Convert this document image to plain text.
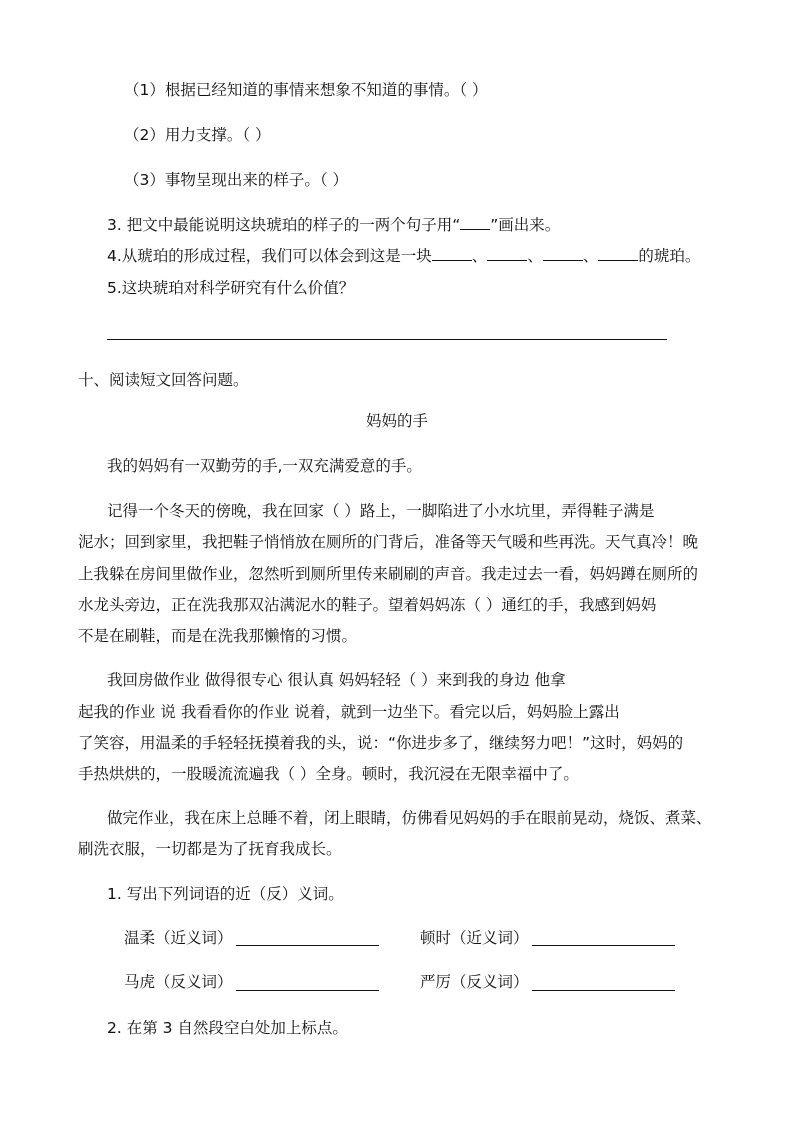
（1）根据已经知道的事情来想象不知道的事情。（ ）
（2）用力支撑。（ ）
（3）事物呈现出来的样子。（ ）
3. 把文中最能说明这块琥珀的样子的一两个句子用“ ”画出来。
4.从琥珀的形成过程，我们可以体会到这是一块	、	、	、	的琥珀。
5.这块琥珀对科学研究有什么价值？
十、阅读短文回答问题。
妈妈的手
我的妈妈有一双勤劳的手,一双充满爱意的手。
记得一个冬天的傍晚，我在回家（ ）路上，一脚陷进了小水坑里，弄得鞋子满是
泥水；回到家里，我把鞋子悄悄放在厕所的门背后，准备等天气暖和些再洗。天气真冷！晚
上我躲在房间里做作业，忽然听到厕所里传来刷刷的声音。我走过去一看，妈妈蹲在厕所的
水龙头旁边，正在洗我那双沾满泥水的鞋子。望着妈妈冻（ ）通红的手，我感到妈妈
不是在刷鞋，而是在洗我那懒惰的习惯。
我回房做作业 做得很专心 很认真 妈妈轻轻（ ）来到我的身边 他拿
起我的作业 说 我看看你的作业 说着，就到一边坐下。看完以后，妈妈脸上露出
了笑容，用温柔的手轻轻抚摸着我的头，说：“你进步多了，继续努力吧！”这时，妈妈的
手热烘烘的，一股暖流流遍我（ ）全身。顿时，我沉浸在无限幸福中了。
做完作业，我在床上总睡不着，闭上眼睛，仿佛看见妈妈的手在眼前晃动，烧饭、煮菜、
刷洗衣服，一切都是为了抚育我成长。
1. 写出下列词语的近（反）义词。
温柔（近义词）	顿时（近义词）
马虎（反义词）	严厉（反义词）
2. 在第 3 自然段空白处加上标点。
